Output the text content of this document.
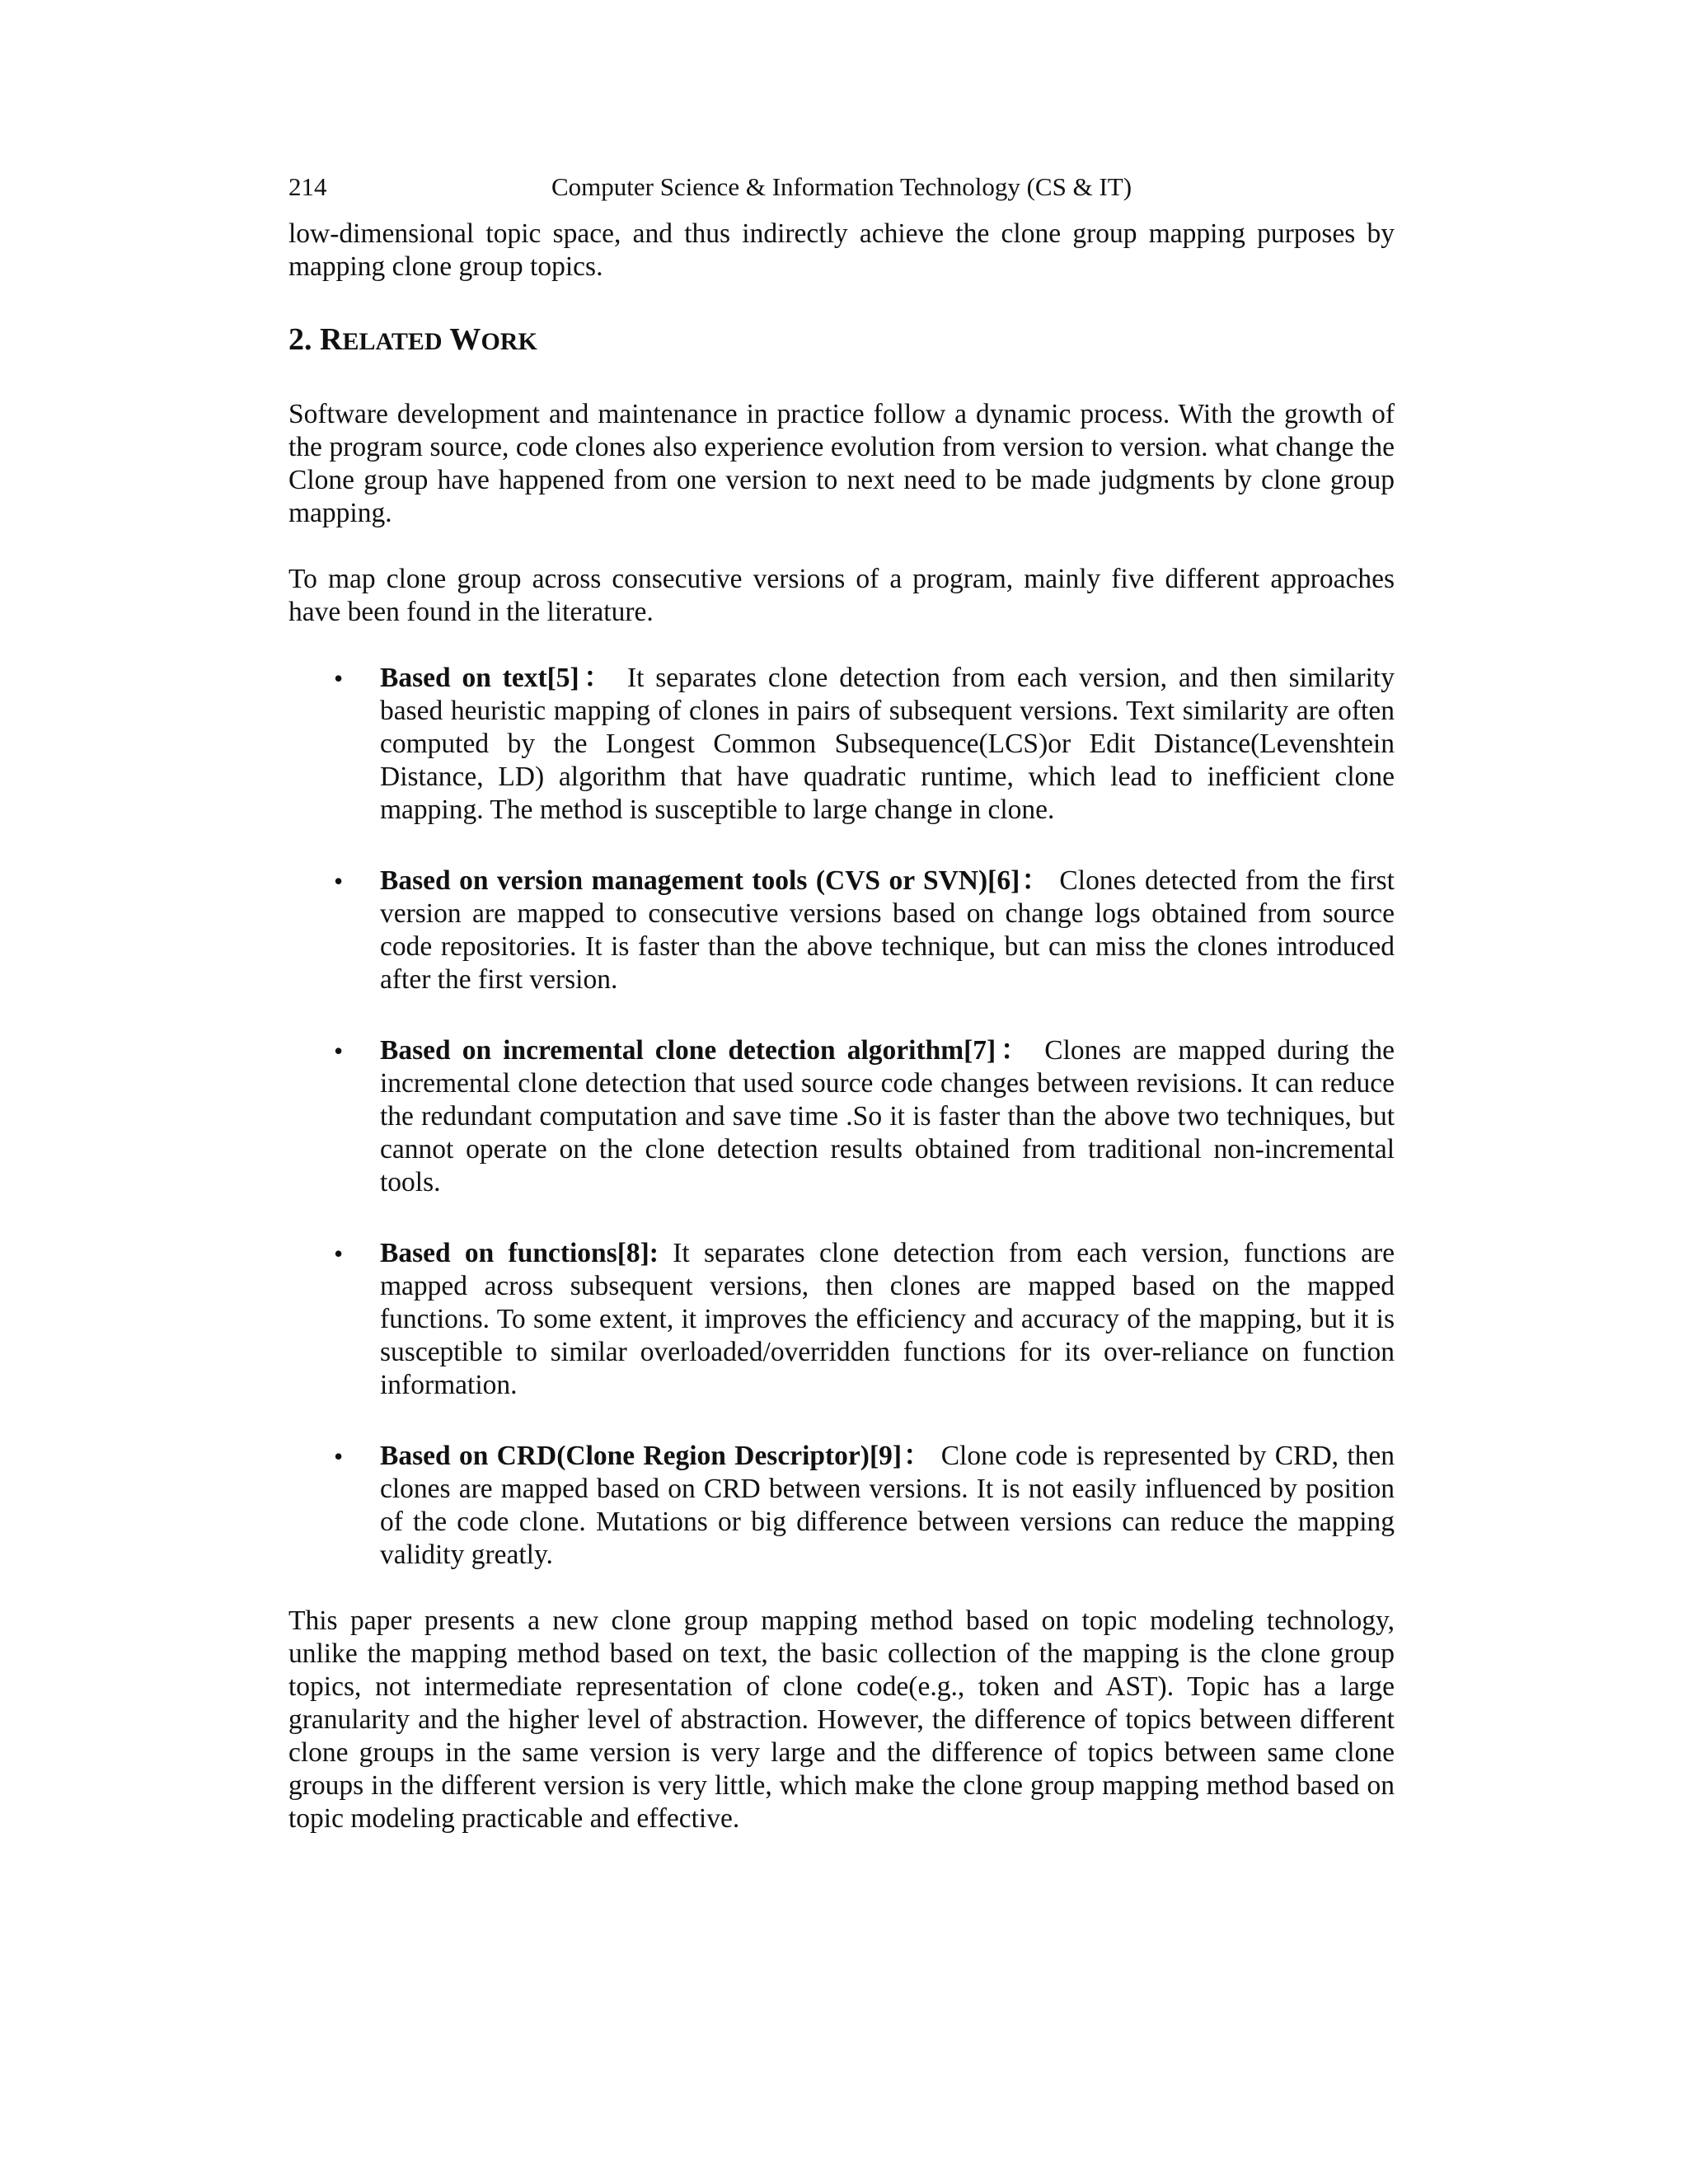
214	Computer Science & Information Technology (CS & IT)

low-dimensional topic space, and thus indirectly achieve the clone group mapping purposes by mapping clone group topics.

2. RELATED WORK

Software development and maintenance in practice follow a dynamic process. With the growth of the program source, code clones also experience evolution from version to version. what change the Clone group have happened from one version to next need to be made judgments by clone group mapping.

To map clone group across consecutive versions of a program, mainly five different approaches have been found in the literature.

• Based on text[5]： It separates clone detection from each version, and then similarity based heuristic mapping of clones in pairs of subsequent versions. Text similarity are often computed by the Longest Common Subsequence(LCS)or Edit Distance(Levenshtein Distance, LD) algorithm that have quadratic runtime, which lead to inefficient clone mapping. The method is susceptible to large change in clone.
• Based on version management tools (CVS or SVN)[6]： Clones detected from the first version are mapped to consecutive versions based on change logs obtained from source code repositories. It is faster than the above technique, but can miss the clones introduced after the first version.
• Based on incremental clone detection algorithm[7]： Clones are mapped during the incremental clone detection that used source code changes between revisions. It can reduce the redundant computation and save time .So it is faster than the above two techniques, but cannot operate on the clone detection results obtained from traditional non-incremental tools.
• Based on functions[8]: It separates clone detection from each version, functions are mapped across subsequent versions, then clones are mapped based on the mapped functions. To some extent, it improves the efficiency and accuracy of the mapping, but it is susceptible to similar overloaded/overridden functions for its over-reliance on function information.
• Based on CRD(Clone Region Descriptor)[9]： Clone code is represented by CRD, then clones are mapped based on CRD between versions. It is not easily influenced by position of the code clone. Mutations or big difference between versions can reduce the mapping validity greatly.

This paper presents a new clone group mapping method based on topic modeling technology, unlike the mapping method based on text, the basic collection of the mapping is the clone group topics, not intermediate representation of clone code(e.g., token and AST). Topic has a large granularity and the higher level of abstraction. However, the difference of topics between different clone groups in the same version is very large and the difference of topics between same clone groups in the different version is very little, which make the clone group mapping method based on topic modeling practicable and effective.
